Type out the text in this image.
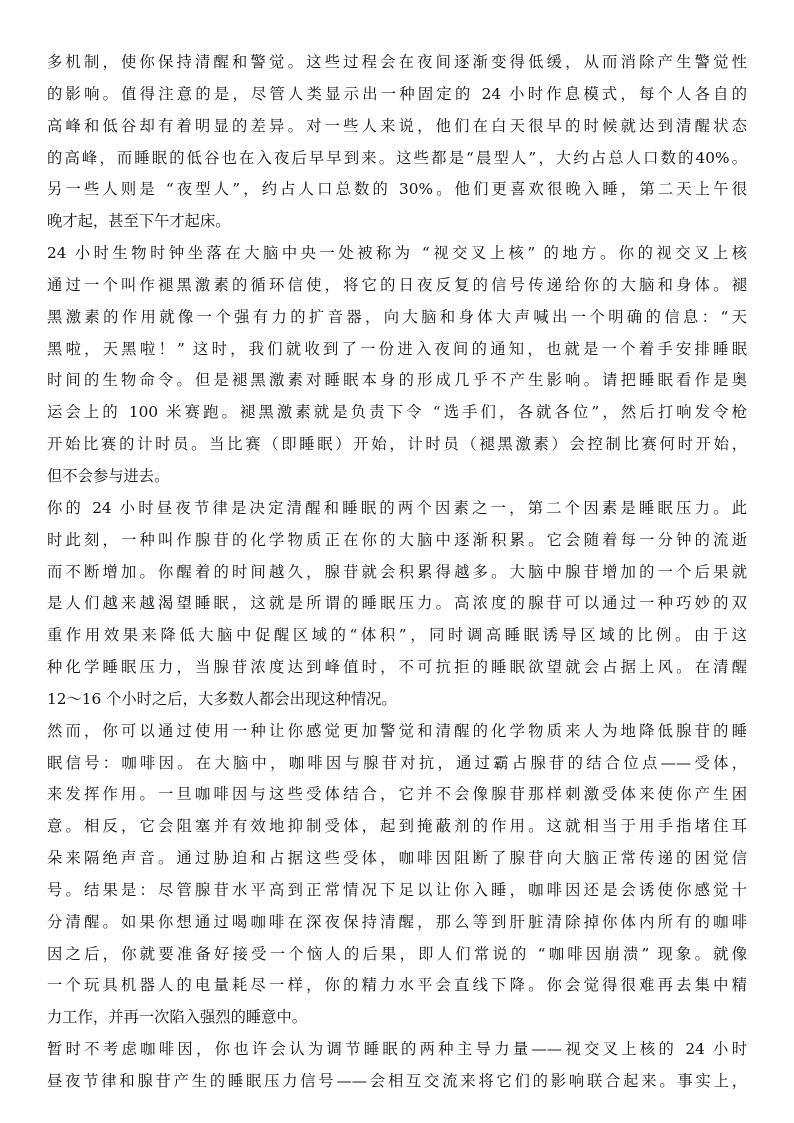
多机制，使你保持清醒和警觉。这些过程会在夜间逐渐变得低缓，从而消除产生警觉性
的影响。值得注意的是，尽管人类显示出一种固定的 24 小时作息模式，每个人各自的
高峰和低谷却有着明显的差异。对一些人来说，他们在白天很早的时候就达到清醒状态
的高峰，而睡眠的低谷也在入夜后早早到来。这些都是“晨型人”，大约占总人口数的40%。
另一些人则是 “夜型人”，约占人口总数的 30%。他们更喜欢很晚入睡，第二天上午很
晚才起，甚至下午才起床。
24 小时生物时钟坐落在大脑中央一处被称为 “视交叉上核” 的地方。你的视交叉上核
通过一个叫作褪黑激素的循环信使，将它的日夜反复的信号传递给你的大脑和身体。褪
黑激素的作用就像一个强有力的扩音器，向大脑和身体大声喊出一个明确的信息：“天
黑啦，天黑啦！” 这时，我们就收到了一份进入夜间的通知，也就是一个着手安排睡眠
时间的生物命令。但是褪黑激素对睡眠本身的形成几乎不产生影响。请把睡眠看作是奥
运会上的 100 米赛跑。褪黑激素就是负责下令 “选手们，各就各位”，然后打响发令枪
开始比赛的计时员。当比赛（即睡眠）开始，计时员（褪黑激素）会控制比赛何时开始，
但不会参与进去。
你的 24 小时昼夜节律是决定清醒和睡眠的两个因素之一，第二个因素是睡眠压力。此
时此刻，一种叫作腺苷的化学物质正在你的大脑中逐渐积累。它会随着每一分钟的流逝
而不断增加。你醒着的时间越久，腺苷就会积累得越多。大脑中腺苷增加的一个后果就
是人们越来越渴望睡眠，这就是所谓的睡眠压力。高浓度的腺苷可以通过一种巧妙的双
重作用效果来降低大脑中促醒区域的“体积”，同时调高睡眠诱导区域的比例。由于这
种化学睡眠压力，当腺苷浓度达到峰值时，不可抗拒的睡眠欲望就会占据上风。在清醒
12～16 个小时之后，大多数人都会出现这种情况。
然而，你可以通过使用一种让你感觉更加警觉和清醒的化学物质来人为地降低腺苷的睡
眠信号：咖啡因。在大脑中，咖啡因与腺苷对抗，通过霸占腺苷的结合位点——受体，
来发挥作用。一旦咖啡因与这些受体结合，它并不会像腺苷那样刺激受体来使你产生困
意。相反，它会阻塞并有效地抑制受体，起到掩蔽剂的作用。这就相当于用手指堵住耳
朵来隔绝声音。通过胁迫和占据这些受体，咖啡因阻断了腺苷向大脑正常传递的困觉信
号。结果是：尽管腺苷水平高到正常情况下足以让你入睡，咖啡因还是会诱使你感觉十
分清醒。如果你想通过喝咖啡在深夜保持清醒，那么等到肝脏清除掉你体内所有的咖啡
因之后，你就要准备好接受一个恼人的后果，即人们常说的 “咖啡因崩溃” 现象。就像
一个玩具机器人的电量耗尽一样，你的精力水平会直线下降。你会觉得很难再去集中精
力工作，并再一次陷入强烈的睡意中。
暂时不考虑咖啡因，你也许会认为调节睡眠的两种主导力量——视交叉上核的 24 小时
昼夜节律和腺苷产生的睡眠压力信号——会相互交流来将它们的影响联合起来。事实上，
